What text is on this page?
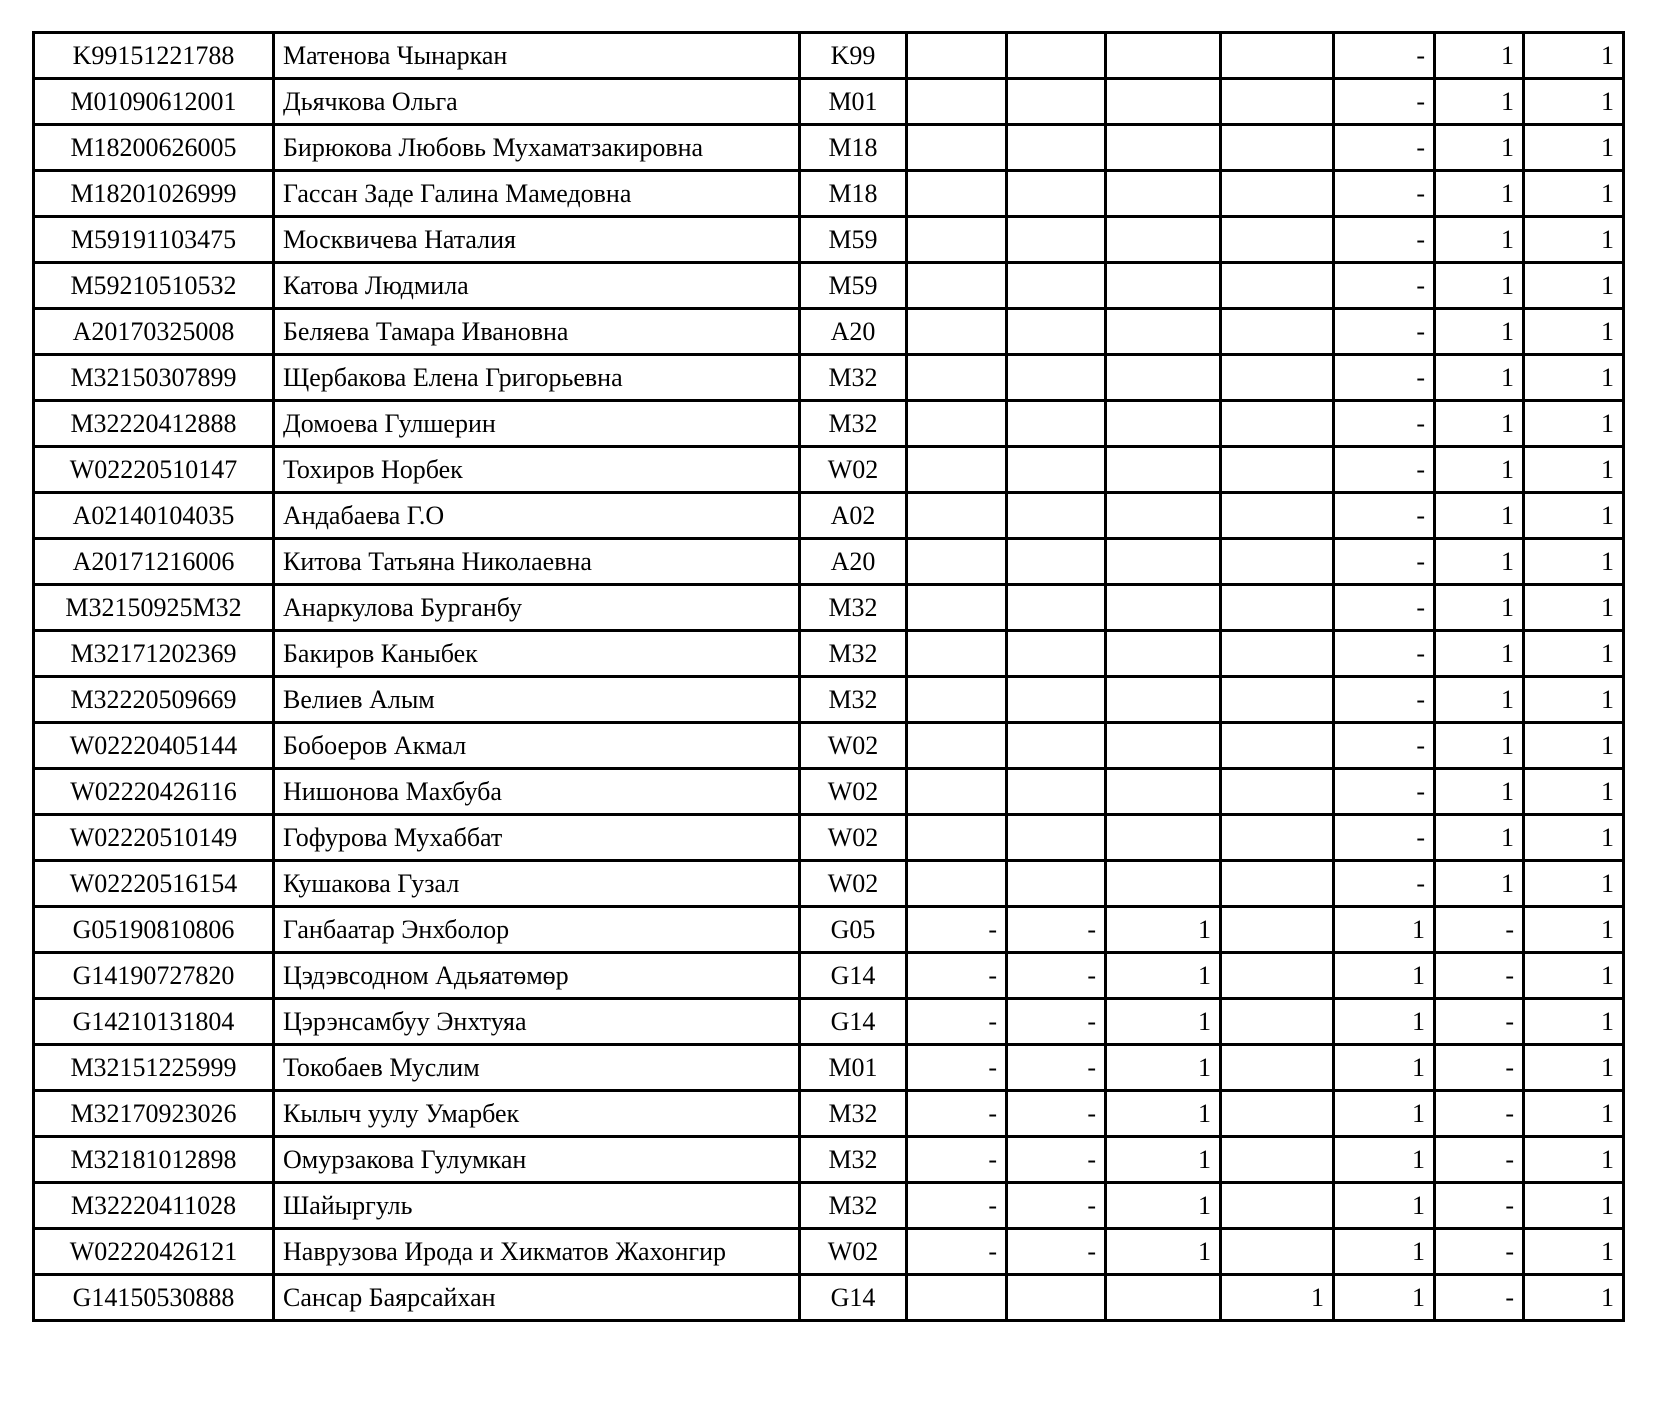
K99151221788	Матенова Чынаркан	K99					-	1	1
M01090612001	Дьячкова Ольга	M01					-	1	1
M18200626005	Бирюкова Любовь Мухаматзакировна	M18					-	1	1
M18201026999	Гассан Заде Галина Мамедовна	M18					-	1	1
M59191103475	Москвичева Наталия	M59					-	1	1
M59210510532	Катова Людмила	M59					-	1	1
A20170325008	Беляева Тамара Ивановна	A20					-	1	1
M32150307899	Щербакова Елена Григорьевна	M32					-	1	1
M32220412888	Домоева Гулшерин	M32					-	1	1
W02220510147	Тохиров Норбек	W02					-	1	1
A02140104035	Андабаева Г.О	A02					-	1	1
A20171216006	Китова Татьяна Николаевна	A20					-	1	1
M32150925M32	Анаркулова Бурганбу	M32					-	1	1
M32171202369	Бакиров Каныбек	M32					-	1	1
M32220509669	Велиев Алым	M32					-	1	1
W02220405144	Бобоеров Акмал	W02					-	1	1
W02220426116	Нишонова Махбуба	W02					-	1	1
W02220510149	Гофурова Мухаббат	W02					-	1	1
W02220516154	Кушакова Гузал	W02					-	1	1
G05190810806	Ганбаатар Энхболор	G05	-	-	1		1	-	1
G14190727820	Цэдэвсодном Адьяатөмөр	G14	-	-	1		1	-	1
G14210131804	Цэрэнсамбуу Энхтуяа	G14	-	-	1		1	-	1
M32151225999	Токобаев Муслим	M01	-	-	1		1	-	1
M32170923026	Кылыч уулу Умарбек	M32	-	-	1		1	-	1
M32181012898	Омурзакова Гулумкан	M32	-	-	1		1	-	1
M32220411028	Шайыргуль	M32	-	-	1		1	-	1
W02220426121	Наврузова Ирода и Хикматов Жахонгир	W02	-	-	1		1	-	1
G14150530888	Сансар Баярсайхан	G14				1	1	-	1
